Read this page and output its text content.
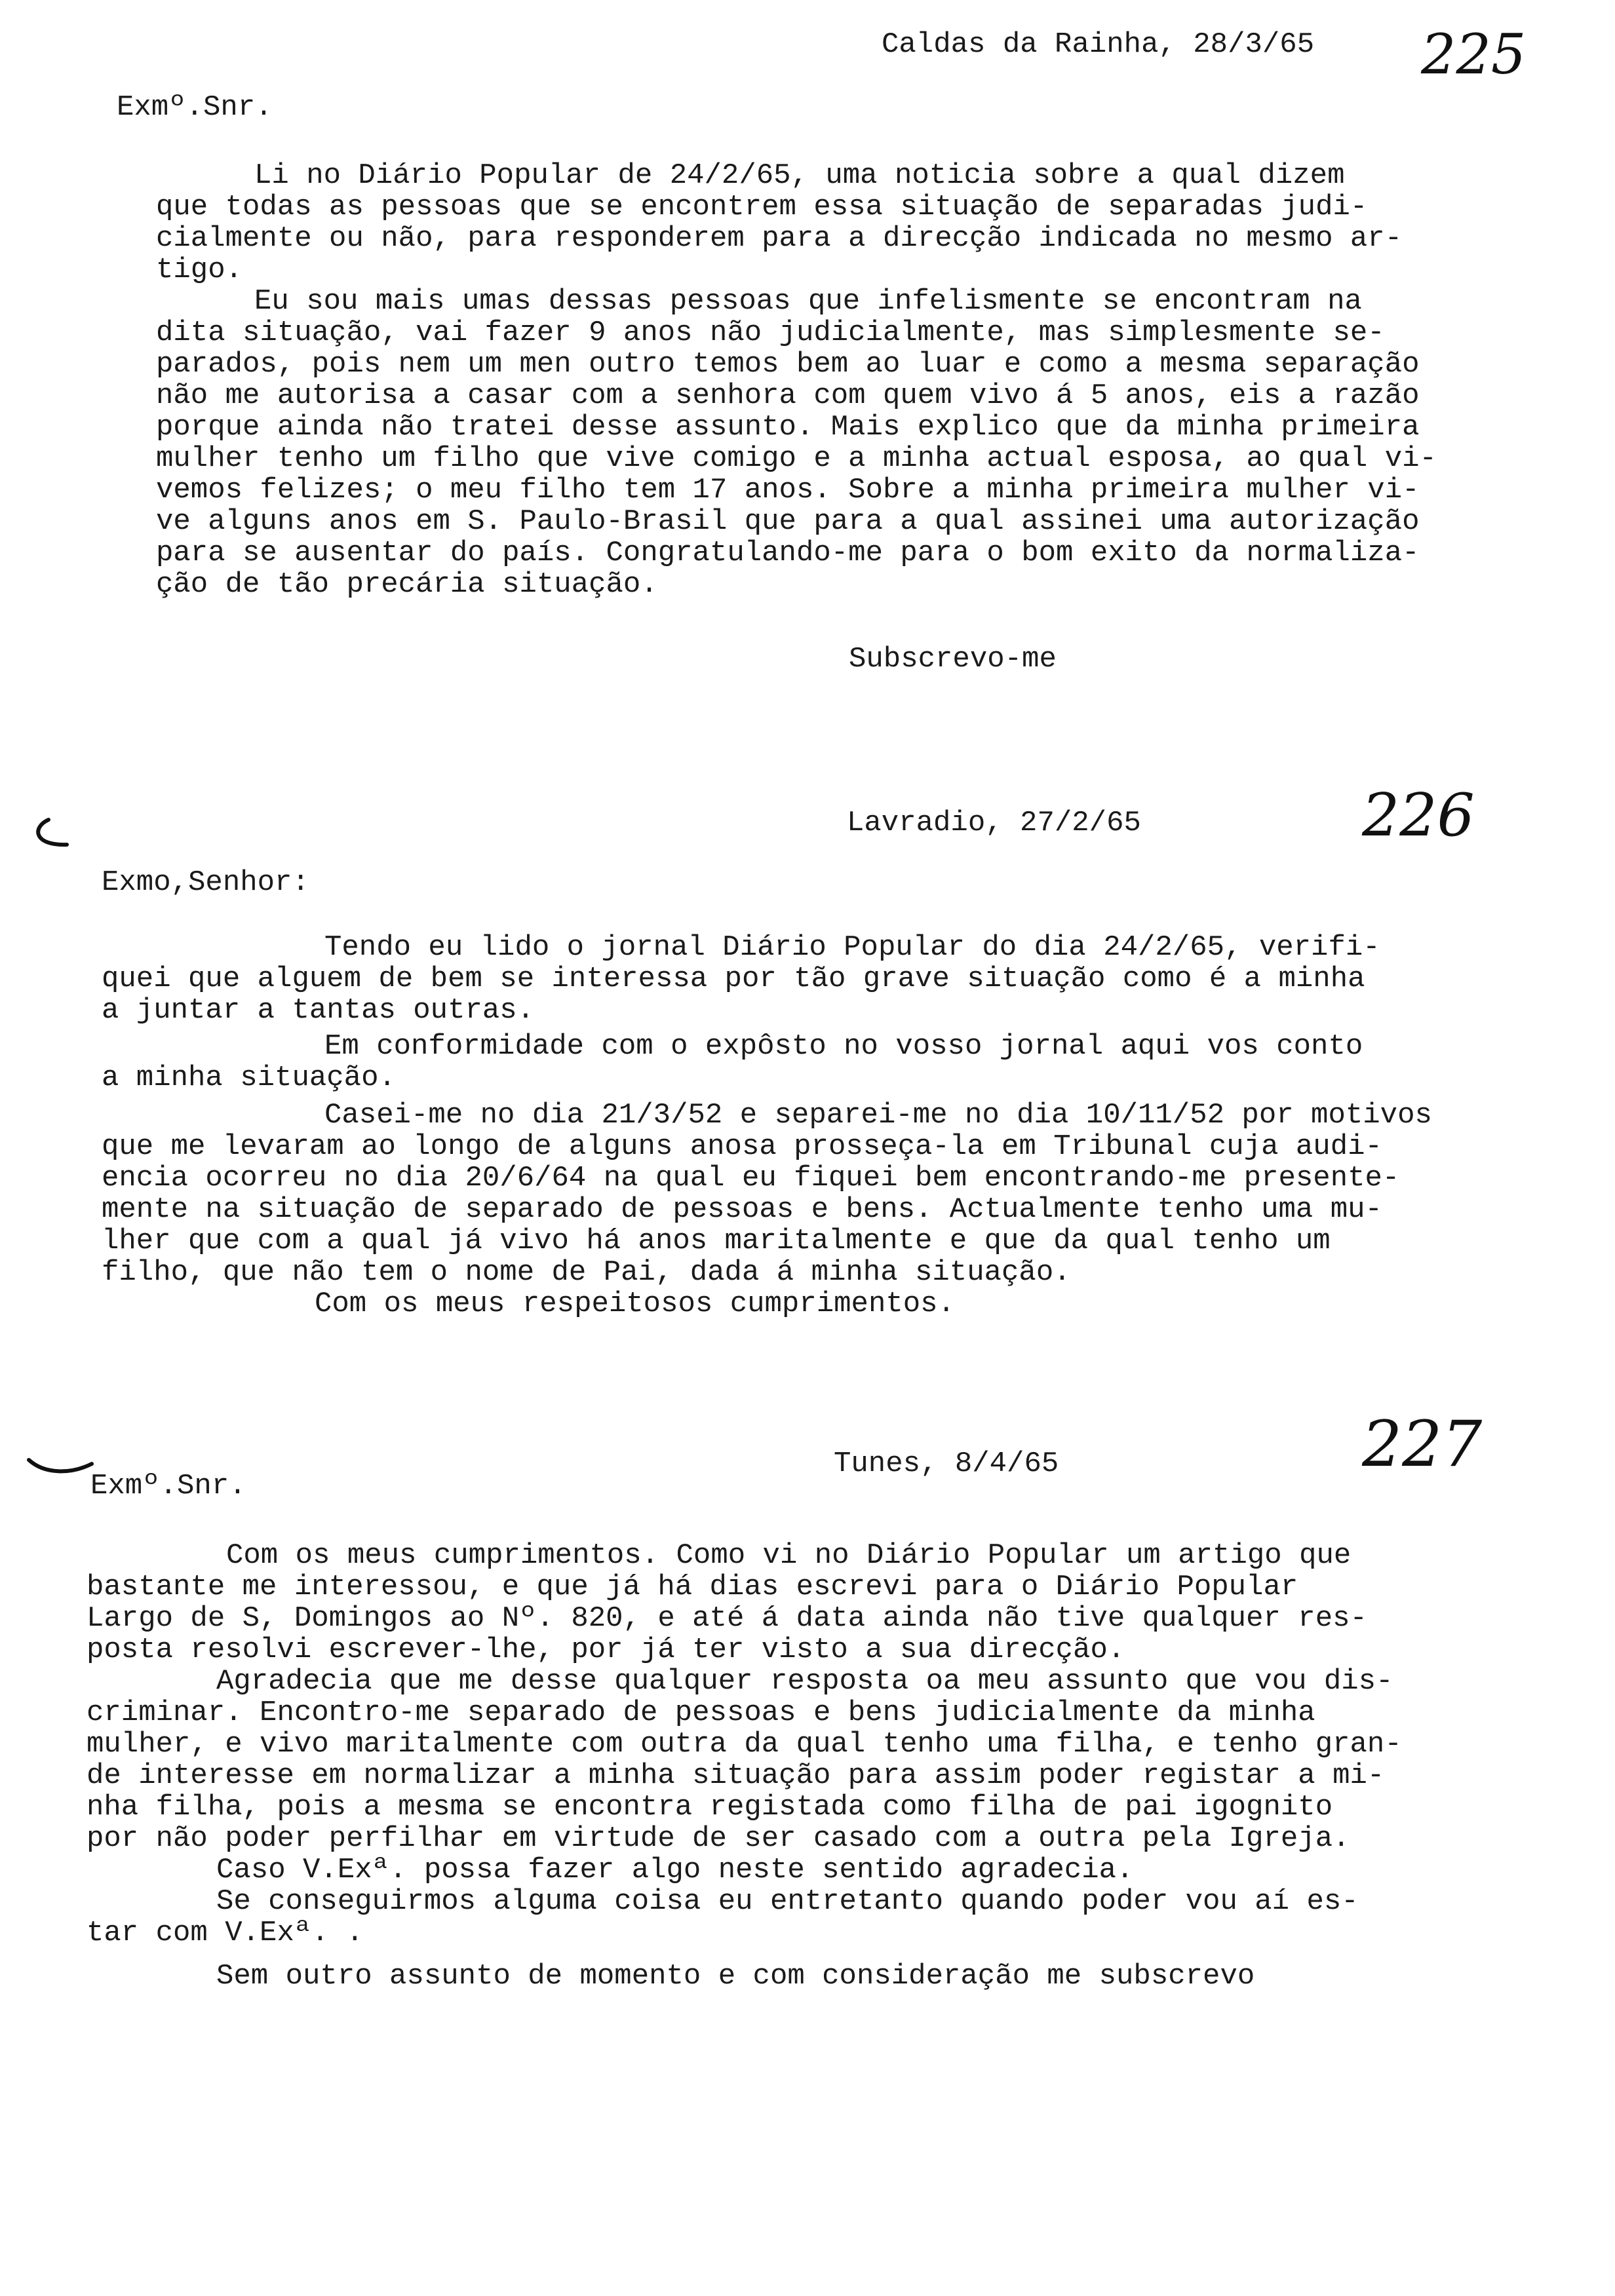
Caldas da Rainha, 28/3/65 225
Exmº.Snr.
Li no Diário Popular de 24/2/65, uma noticia sobre a qual dizem
que todas as pessoas que se encontrem essa situação de separadas judi-
cialmente ou não, para responderem para a direcção indicada no mesmo ar-
tigo.
Eu sou mais umas dessas pessoas que infelismente se encontram na
dita situação, vai fazer 9 anos não judicialmente, mas simplesmente se-
parados, pois nem um men outro temos bem ao luar e como a mesma separação
não me autorisa a casar com a senhora com quem vivo á 5 anos, eis a razão
porque ainda não tratei desse assunto. Mais explico que da minha primeira
mulher tenho um filho que vive comigo e a minha actual esposa, ao qual vi-
vemos felizes; o meu filho tem 17 anos. Sobre a minha primeira mulher vi-
ve alguns anos em S. Paulo-Brasil que para a qual assinei uma autorização
para se ausentar do país. Congratulando-me para o bom exito da normaliza-
ção de tão precária situação.
Subscrevo-me
Lavradio, 27/2/65	226
Exmo,Senhor:
Tendo eu lido o jornal Diário Popular do dia 24/2/65, verifi-
quei que alguem de bem se interessa por tão grave situação como é a minha
a juntar a tantas outras.
Em conformidade com o expôsto no vosso jornal aqui vos conto
a minha situação.
Casei-me no dia 21/3/52 e separei-me no dia 10/11/52 por motivos
que me levaram ao longo de alguns anosa prosseça-la em Tribunal cuja audi-
encia ocorreu no dia 20/6/64 na qual eu fiquei bem encontrando-me presente-
mente na situação de separado de pessoas e bens. Actualmente tenho uma mu-
lher que com a qual já vivo há anos maritalmente e que da qual tenho um
filho, que não tem o nome de Pai, dada á minha situação.
Com os meus respeitosos cumprimentos.
Tunes, 8/4/65	227
Exmº.Snr.
Com os meus cumprimentos. Como vi no Diário Popular um artigo que
bastante me interessou, e que já há dias escrevi para o Diário Popular
Largo de S, Domingos ao Nº. 820, e até á data ainda não tive qualquer res-
posta resolvi escrever-lhe, por já ter visto a sua direcção.
Agradecia que me desse qualquer resposta oa meu assunto que vou dis-
criminar. Encontro-me separado de pessoas e bens judicialmente da minha
mulher, e vivo maritalmente com outra da qual tenho uma filha, e tenho gran-
de interesse em normalizar a minha situação para assim poder registar a mi-
nha filha, pois a mesma se encontra registada como filha de pai igognito
por não poder perfilhar em virtude de ser casado com a outra pela Igreja.
Caso V.Exª. possa fazer algo neste sentido agradecia.
Se conseguirmos alguma coisa eu entretanto quando poder vou aí es-
tar com V.Exª. .
Sem outro assunto de momento e com consideração me subscrevo
